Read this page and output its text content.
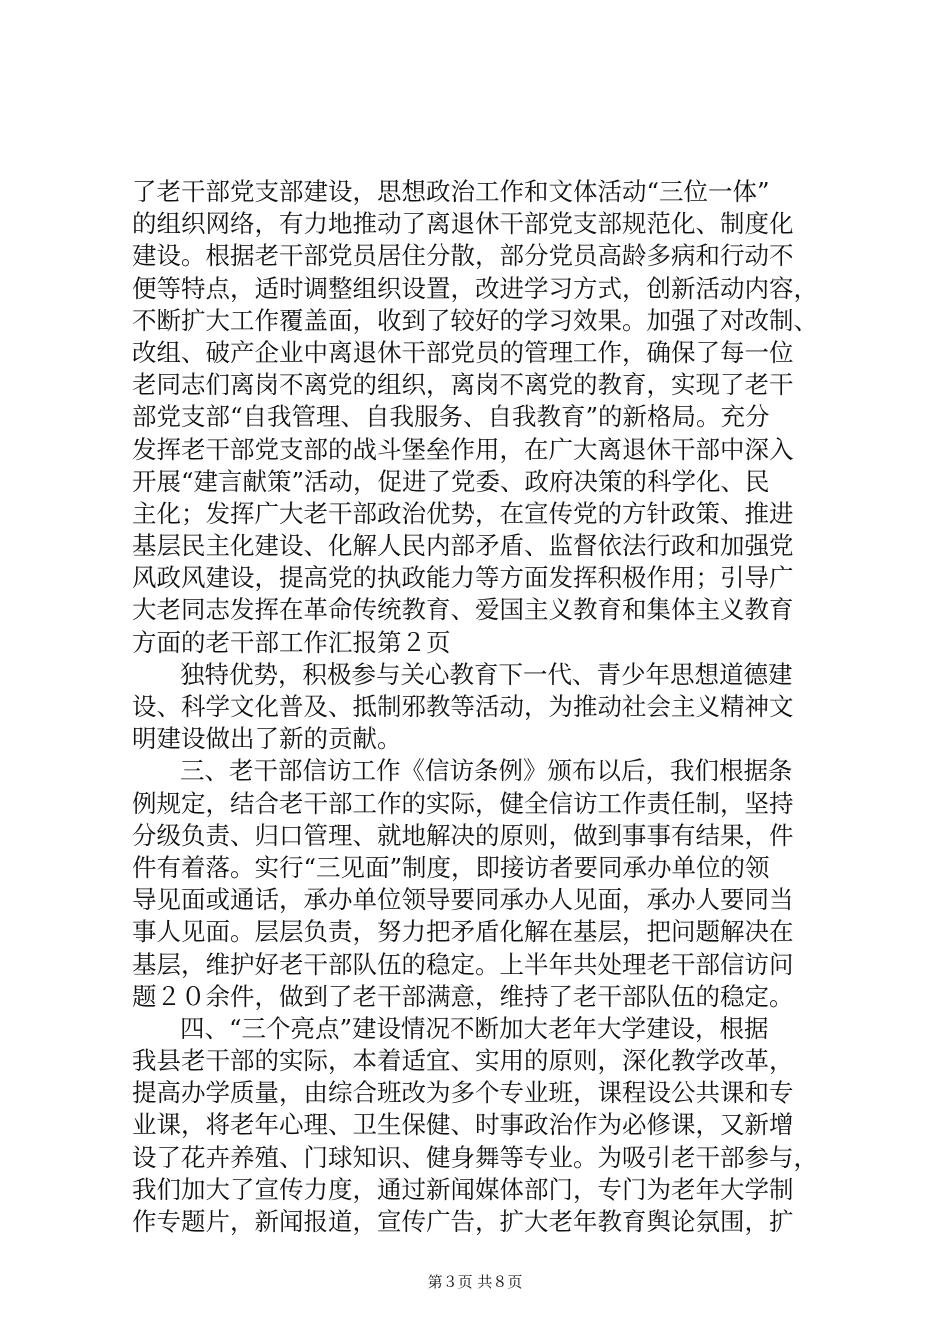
了老干部党支部建设，思想政治工作和文体活动“三位一体”
的组织网络，有力地推动了离退休干部党支部规范化、制度化
建设。根据老干部党员居住分散，部分党员高龄多病和行动不
便等特点，适时调整组织设置，改进学习方式，创新活动内容，
不断扩大工作覆盖面，收到了较好的学习效果。加强了对改制、
改组、破产企业中离退休干部党员的管理工作，确保了每一位
老同志们离岗不离党的组织，离岗不离党的教育，实现了老干
部党支部“自我管理、自我服务、自我教育”的新格局。充分
发挥老干部党支部的战斗堡垒作用，在广大离退休干部中深入
开展“建言献策”活动，促进了党委、政府决策的科学化、民
主化；发挥广大老干部政治优势，在宣传党的方针政策、推进
基层民主化建设、化解人民内部矛盾、监督依法行政和加强党
风政风建设，提高党的执政能力等方面发挥积极作用；引导广
大老同志发挥在革命传统教育、爱国主义教育和集体主义教育
方面的老干部工作汇报第２页
独特优势，积极参与关心教育下一代、青少年思想道德建
设、科学文化普及、抵制邪教等活动，为推动社会主义精神文
明建设做出了新的贡献。
三、老干部信访工作《信访条例》颁布以后，我们根据条
例规定，结合老干部工作的实际，健全信访工作责任制，坚持
分级负责、归口管理、就地解决的原则，做到事事有结果，件
件有着落。实行“三见面”制度，即接访者要同承办单位的领
导见面或通话，承办单位领导要同承办人见面，承办人要同当
事人见面。层层负责，努力把矛盾化解在基层，把问题解决在
基层，维护好老干部队伍的稳定。上半年共处理老干部信访问
题２０余件，做到了老干部满意，维持了老干部队伍的稳定。
四、“三个亮点”建设情况不断加大老年大学建设，根据
我县老干部的实际，本着适宜、实用的原则，深化教学改革，
提高办学质量，由综合班改为多个专业班，课程设公共课和专
业课，将老年心理、卫生保健、时事政治作为必修课，又新增
设了花卉养殖、门球知识、健身舞等专业。为吸引老干部参与，
我们加大了宣传力度，通过新闻媒体部门，专门为老年大学制
作专题片，新闻报道，宣传广告，扩大老年教育舆论氛围，扩
第３页 共８页
